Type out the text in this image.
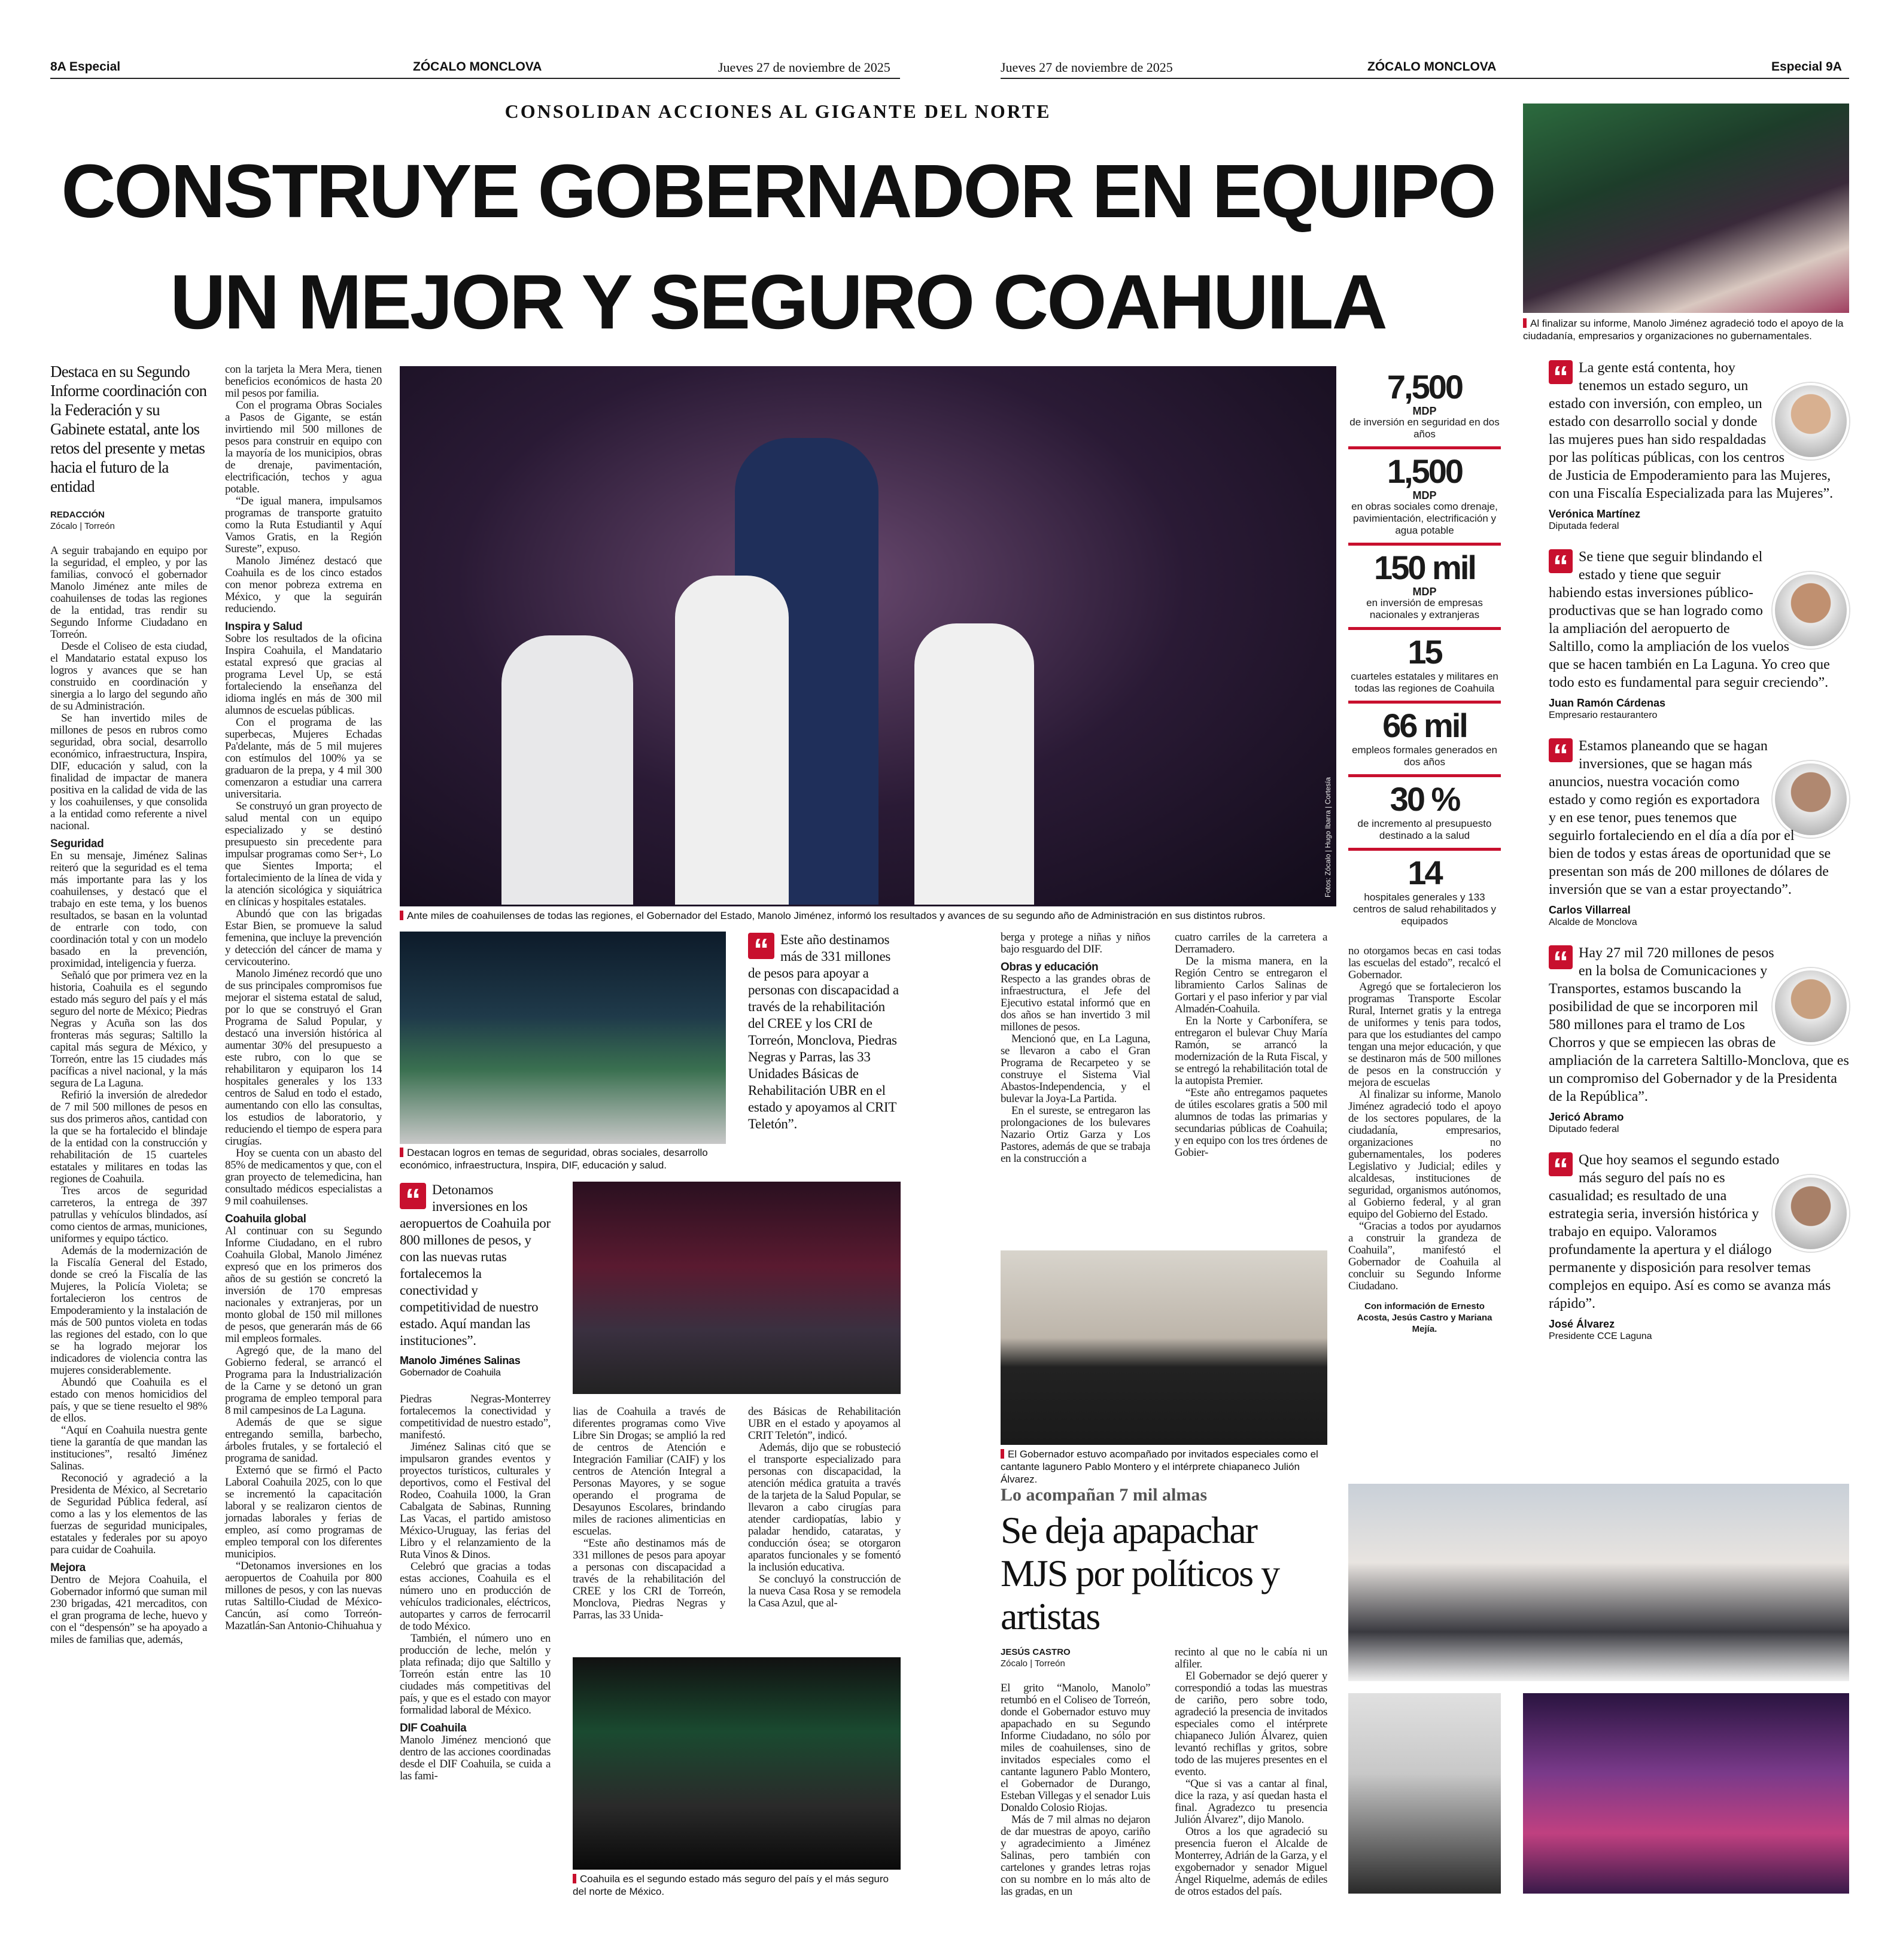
8A Especial	ZÓCALO MONCLOVA	Jueves 27 de noviembre de 2025	Jueves 27 de noviembre de 2025	ZÓCALO MONCLOVA	Especial 9A
CONSOLIDAN ACCIONES AL GIGANTE DEL NORTE
CONSTRUYE GOBERNADOR EN EQUIPO
UN MEJOR Y SEGURO COAHUILA	Al finalizar su informe, Manolo Jiménez agradeció todo el apoyo de la ciudadanía, empresarios y organizaciones no gubernamentales.
Destaca en su Segundo Informe coordinación con la Federación y su Gabinete estatal, ante los retos del presente y metas hacia el futuro de la entidad
REDACCIÓN
Zócalo | Torreón

A seguir trabajando en equipo por la seguridad, el empleo, y por las familias, convocó el gobernador Manolo Jiménez ante miles de coahuilenses de todas las regiones de la entidad, tras rendir su Segundo Informe Ciudadano en Torreón.

Desde el Coliseo de esta ciudad, el Mandatario estatal expuso los logros y avances que se han construido en coordinación y sinergia a lo largo del segundo año de su Administración.

Se han invertido miles de millones de pesos en rubros como seguridad, obra social, desarrollo económico, infraestructura, Inspira, DIF, educación y salud, con la finalidad de impactar de manera positiva en la calidad de vida de las y los coahuilenses, y que consolida a la entidad como referente a nivel nacional.

Seguridad

En su mensaje, Jiménez Salinas reiteró que la seguridad es el tema más importante para las y los coahuilenses, y destacó que el trabajo en este tema, y los buenos resultados, se basan en la voluntad de entrarle con todo, con coordinación total y con un modelo basado en la prevención, proximidad, inteligencia y fuerza.

Señaló que por primera vez en la historia, Coahuila es el segundo estado más seguro del país y el más seguro del norte de México; Piedras Negras y Acuña son las dos fronteras más seguras; Saltillo la capital más segura de México, y Torreón, entre las 15 ciudades más pacíficas a nivel nacional, y la más segura de La Laguna.

Refirió la inversión de alrededor de 7 mil 500 millones de pesos en sus dos primeros años, cantidad con la que se ha fortalecido el blindaje de la entidad con la construcción y rehabilitación de 15 cuarteles estatales y militares en todas las regiones de Coahuila.

Tres arcos de seguridad carreteros, la entrega de 397 patrullas y vehículos blindados, así como cientos de armas, municiones, uniformes y equipo táctico.

Además de la modernización de la Fiscalía General del Estado, donde se creó la Fiscalía de las Mujeres, la Policía Violeta; se fortalecieron los centros de Empoderamiento y la instalación de más de 500 puntos violeta en todas las regiones del estado, con lo que se ha logrado mejorar los indicadores de violencia contra las mujeres considerablemente.

Abundó que Coahuila es el estado con menos homicidios del país, y que se tiene resuelto el 98% de ellos.

“Aquí en Coahuila nuestra gente tiene la garantía de que mandan las instituciones”, resaltó Jiménez Salinas.

Reconoció y agradeció a la Presidenta de México, al Secretario de Seguridad Pública federal, así como a las y los elementos de las fuerzas de seguridad municipales, estatales y federales por su apoyo para cuidar de Coahuila.

Mejora

Dentro de Mejora Coahuila, el Gobernador informó que suman mil 230 brigadas, 421 mercaditos, con el gran programa de leche, huevo y con el “despensón” se ha apoyado a miles de familias que, además,

con la tarjeta la Mera Mera, tienen beneficios económicos de hasta 20 mil pesos por familia.

Con el programa Obras Sociales a Pasos de Gigante, se están invirtiendo mil 500 millones de pesos para construir en equipo con la mayoría de los municipios, obras de drenaje, pavimentación, electrificación, techos y agua potable.

“De igual manera, impulsamos programas de transporte gratuito como la Ruta Estudiantil y Aquí Vamos Gratis, en la Región Sureste”, expuso.

Manolo Jiménez destacó que Coahuila es de los cinco estados con menor pobreza extrema en México, y que la seguirán reduciendo.

Inspira y Salud

Sobre los resultados de la oficina Inspira Coahuila, el Mandatario estatal expresó que gracias al programa Level Up, se está fortaleciendo la enseñanza del idioma inglés en más de 300 mil alumnos de escuelas públicas.

Con el programa de las superbecas, Mujeres Echadas Pa'delante, más de 5 mil mujeres con estímulos del 100% ya se graduaron de la prepa, y 4 mil 300 comenzaron a estudiar una carrera universitaria.

Se construyó un gran proyecto de salud mental con un equipo especializado y se destinó presupuesto sin precedente para impulsar programas como Ser+, Lo que Sientes Importa; el fortalecimiento de la línea de vida y la atención sicológica y siquiátrica en clínicas y hospitales estatales.

Abundó que con las brigadas Estar Bien, se promueve la salud femenina, que incluye la prevención y detección del cáncer de mama y cervicouterino.

Manolo Jiménez recordó que uno de sus principales compromisos fue mejorar el sistema estatal de salud, por lo que se construyó el Gran Programa de Salud Popular, y destacó una inversión histórica al aumentar 30% del presupuesto a este rubro, con lo que se rehabilitaron y equiparon los 14 hospitales generales y los 133 centros de Salud en todo el estado, aumentando con ello las consultas, los estudios de laboratorio, y reduciendo el tiempo de espera para cirugías.

Hoy se cuenta con un abasto del 85% de medicamentos y que, con el gran proyecto de telemedicina, han consultado médicos especialistas a 9 mil coahuilenses.

Coahuila global

Al continuar con su Segundo Informe Ciudadano, en el rubro Coahuila Global, Manolo Jiménez expresó que en los primeros dos años de su gestión se concretó la inversión de 170 empresas nacionales y extranjeras, por un monto global de 150 mil millones de pesos, que generarán más de 66 mil empleos formales.

Agregó que, de la mano del Gobierno federal, se arrancó el Programa para la Industrialización de la Carne y se detonó un gran programa de empleo temporal para 8 mil campesinos de La Laguna.

Además de que se sigue entregando semilla, barbecho, árboles frutales, y se fortaleció el programa de sanidad.

Externó que se firmó el Pacto Laboral Coahuila 2025, con lo que se incrementó la capacitación laboral y se realizaron cientos de jornadas laborales y ferias de empleo, así como programas de empleo temporal con los diferentes municipios.

“Detonamos inversiones en los aeropuertos de Coahuila por 800 millones de pesos, y con las nuevas rutas Saltillo-Ciudad de México-Cancún, así como Torreón-Mazatlán-San Antonio-Chihuahua y

Fotos: Zócalo | Hugo Ibarra | Cortesía
Ante miles de coahuilenses de todas las regiones, el Gobernador del Estado, Manolo Jiménez, informó los resultados y avances de su segundo año de Administración en sus distintos rubros.
7,500
MDP
de inversión en seguridad en dos años
1,500
MDP
en obras sociales como drenaje, pavimientación, electrificación y agua potable
150 mil
MDP
en inversión de empresas nacionales y extranjeras
15
cuarteles estatales y militares en todas las regiones de Coahuila
66 mil
empleos formales generados en dos años
30 %
de incremento al presupuesto destinado a la salud
14
hospitales generales y 133 centros de salud rehabilitados y equipados

no otorgamos becas en casi todas las escuelas del estado”, recalcó el Gobernador.

Agregó que se fortalecieron los programas Transporte Escolar Rural, Internet gratis y la entrega de uniformes y tenis para todos, para que los estudiantes del campo tengan una mejor educación, y que se destinaron más de 500 millones de pesos en la construcción y mejora de escuelas

Al finalizar su informe, Manolo Jiménez agradeció todo el apoyo de los sectores populares, de la ciudadanía, empresarios, organizaciones no gubernamentales, los poderes Legislativo y Judicial; ediles y alcaldesas, instituciones de seguridad, organismos autónomos, al Gobierno federal, y al gran equipo del Gobierno del Estado.

“Gracias a todos por ayudarnos a construir la grandeza de Coahuila”, manifestó el Gobernador de Coahuila al concluir su Segundo Informe Ciudadano.

Con información de Ernesto Acosta, Jesús Castro y Mariana Mejía.
“ La gente está contenta, hoy tenemos un estado seguro, un estado con inversión, con empleo, un estado con desarrollo social y donde las mujeres pues han sido respaldadas por las políticas públicas, con los centros de Justicia de Empoderamiento para las Mujeres, con una Fiscalía Especializada para las Mujeres”.
Verónica Martínez
Diputada federal
“ Se tiene que seguir blindando el estado y tiene que seguir habiendo estas inversiones público-productivas que se han logrado como la ampliación del aeropuerto de Saltillo, como la ampliación de los vuelos que se hacen también en La Laguna. Yo creo que todo esto es fundamental para seguir creciendo”.
Juan Ramón Cárdenas
Empresario restaurantero
“ Estamos planeando que se hagan inversiones, que se hagan más anuncios, nuestra vocación como estado y como región es exportadora y en ese tenor, pues tenemos que seguirlo fortaleciendo en el día a día por el bien de todos y estas áreas de oportunidad que se presentan son más de 200 millones de dólares de inversión que se van a estar proyectando”.
Carlos Villarreal
Alcalde de Monclova
“ Hay 27 mil 720 millones de pesos en la bolsa de Comunicaciones y Transportes, estamos buscando la posibilidad de que se incorporen mil 580 millones para el tramo de Los Chorros y que se empiecen las obras de ampliación de la carretera Saltillo-Monclova, que es un compromiso del Gobernador y de la Presidenta de la República”.
Jericó Abramo
Diputado federal
“ Que hoy seamos el segundo estado más seguro del país no es casualidad; es resultado de una estrategia seria, inversión histórica y trabajo en equipo. Valoramos profundamente la apertura y el diálogo permanente y disposición para resolver temas complejos en equipo. Así es como se avanza más rápido”.
José Álvarez
Presidente CCE Laguna
Destacan logros en temas de seguridad, obras sociales, desarrollo económico, infraestructura, Inspira, DIF, educación y salud.
“ Este año destinamos más de 331 millones de pesos para apoyar a personas con discapacidad a través de la rehabilitación del CREE y los CRI de Torreón, Monclova, Piedras Negras y Parras, las 33 Unidades Básicas de Rehabilitación UBR en el estado y apoyamos al CRIT Teletón”.
“ Detonamos inversiones en los aeropuertos de Coahuila por 800 millones de pesos, y con las nuevas rutas fortalecemos la conectividad y competitividad de nuestro estado. Aquí mandan las instituciones”.
Manolo Jiménes Salinas
Gobernador de Coahuila

Piedras Negras-Monterrey fortalecemos la conectividad y competitividad de nuestro estado”, manifestó.

Jiménez Salinas citó que se impulsaron grandes eventos y proyectos turísticos, culturales y deportivos, como el Festival del Rodeo, Coahuila 1000, la Gran Cabalgata de Sabinas, Running Las Vacas, el partido amistoso México-Uruguay, las ferias del Libro y el relanzamiento de la Ruta Vinos & Dinos.

Celebró que gracias a todas estas acciones, Coahuila es el número uno en producción de vehículos tradicionales, eléctricos, autopartes y carros de ferrocarril de todo México.

También, el número uno en producción de leche, melón y plata refinada; dijo que Saltillo y Torreón están entre las 10 ciudades más competitivas del país, y que es el estado con mayor formalidad laboral de México.

DIF Coahuila

Manolo Jiménez mencionó que dentro de las acciones coordinadas desde el DIF Coahuila, se cuida a las fami-

lias de Coahuila a través de diferentes programas como Vive Libre Sin Drogas; se amplió la red de centros de Atención e Integración Familiar (CAIF) y los centros de Atención Integral a Personas Mayores, y se sogue operando el programa de Desayunos Escolares, brindando miles de raciones alimenticias en escuelas.

“Este año destinamos más de 331 millones de pesos para apoyar a personas con discapacidad a través de la rehabilitación del CREE y los CRI de Torreón, Monclova, Piedras Negras y Parras, las 33 Unida-

des Básicas de Rehabilitación UBR en el estado y apoyamos al CRIT Teletón”, indicó.

Además, dijo que se robusteció el transporte especializado para personas con discapacidad, la atención médica gratuita a través de la tarjeta de la Salud Popular, se llevaron a cabo cirugías para atender cardiopatías, labio y paladar hendido, cataratas, y conducción ósea; se otorgaron aparatos funcionales y se fomentó la inclusión educativa.

Se concluyó la construcción de la nueva Casa Rosa y se remodela la Casa Azul, que al-

Coahuila es el segundo estado más seguro del país y el más seguro del norte de México.

berga y protege a niñas y niños bajo resguardo del DIF.

Obras y educación

Respecto a las grandes obras de infraestructura, el Jefe del Ejecutivo estatal informó que en dos años se han invertido 3 mil millones de pesos.

Mencionó que, en La Laguna, se llevaron a cabo el Gran Programa de Recarpeteo y se construye el Sistema Vial Abastos-Independencia, y el bulevar la Joya-La Partida.

En el sureste, se entregaron las prolongaciones de los bulevares Nazario Ortiz Garza y Los Pastores, además de que se trabaja en la construcción a

cuatro carriles de la carretera a Derramadero.

De la misma manera, en la Región Centro se entregaron el libramiento Carlos Salinas de Gortari y el paso inferior y par vial Almadén-Coahuila.

En la Norte y Carbonífera, se entregaron el bulevar Chuy María Ramón, se arrancó la modernización de la Ruta Fiscal, y se entregó la rehabilitación total de la autopista Premier.

“Este año entregamos paquetes de útiles escolares gratis a 500 mil alumnos de todas las primarias y secundarias públicas de Coahuila; y en equipo con los tres órdenes de Gobier-

El Gobernador estuvo acompañado por invitados especiales como el cantante lagunero Pablo Montero y el intérprete chiapaneco Julión Álvarez.
Lo acompañan 7 mil almas
Se deja apapachar MJS por políticos y artistas
JESÚS CASTRO
Zócalo | Torreón

El grito “Manolo, Manolo” retumbó en el Coliseo de Torreón, donde el Gobernador estuvo muy apapachado en su Segundo Informe Ciudadano, no sólo por miles de coahuilenses, sino de invitados especiales como el cantante lagunero Pablo Montero, el Gobernador de Durango, Esteban Villegas y el senador Luis Donaldo Colosio Riojas.

Más de 7 mil almas no dejaron de dar muestras de apoyo, cariño y agradecimiento a Jiménez Salinas, pero también con cartelones y grandes letras rojas con su nombre en lo más alto de las gradas, en un

recinto al que no le cabía ni un alfiler.

El Gobernador se dejó querer y correspondió a todas las muestras de cariño, pero sobre todo, agradeció la presencia de invitados especiales como el intérprete chiapaneco Julión Álvarez, quien levantó rechiflas y gritos, sobre todo de las mujeres presentes en el evento.

“Que si vas a cantar al final, dice la raza, y así quedan hasta el final. Agradezco tu presencia Julión Álvarez”, dijo Manolo.

Otros a los que agradeció su presencia fueron el Alcalde de Monterrey, Adrián de la Garza, y el exgobernador y senador Miguel Ángel Riquelme, además de ediles de otros estados del país.
